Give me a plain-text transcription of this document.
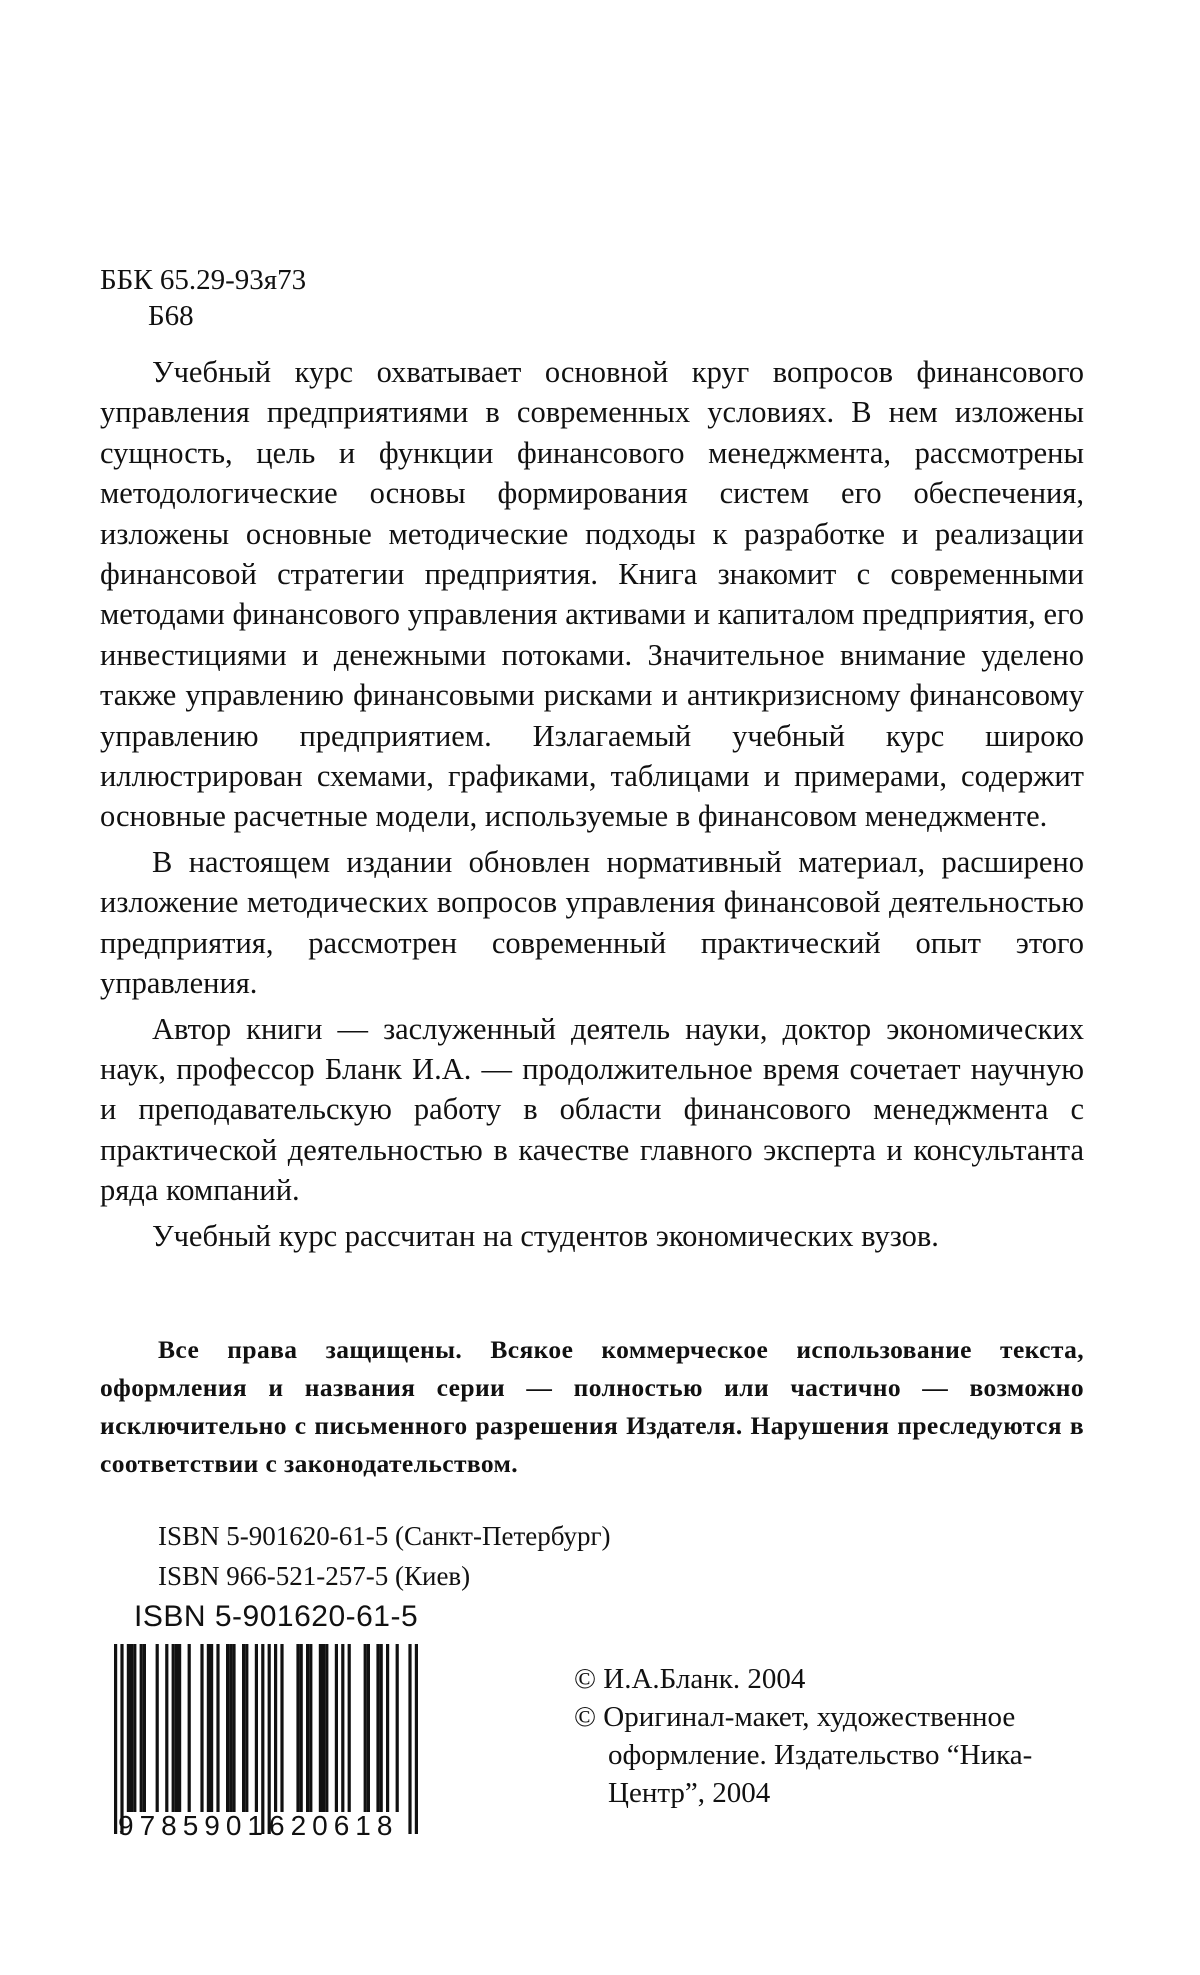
ББК 65.29-93я73
Б68

Учебный курс охватывает основной круг вопросов финансового управления предприятиями в современных условиях. В нем изложены сущность, цель и функции финансового менеджмента, рассмотрены методологические основы формирования систем его обеспечения, изложены основные методические подходы к разработке и реализации финансовой стратегии предприятия. Книга знакомит с современными методами финансового управления активами и капиталом предприятия, его инвестициями и денежными потоками. Значительное внимание уделено также управлению финансовыми рисками и антикризисному финансовому управлению предприятием. Излагаемый учебный курс широко иллюстрирован схемами, графиками, таблицами и примерами, содержит основные расчетные модели, используемые в финансовом менеджменте.

В настоящем издании обновлен нормативный материал, расширено изложение методических вопросов управления финансовой деятельностью предприятия, рассмотрен современный практический опыт этого управления.

Автор книги — заслуженный деятель науки, доктор экономических наук, профессор Бланк И.А. — продолжительное время сочетает научную и преподавательскую работу в области финансового менеджмента с практической деятельностью в качестве главного эксперта и консультанта ряда компаний.

Учебный курс рассчитан на студентов экономических вузов.

Все права защищены. Всякое коммерческое использование текста, оформления и названия серии — полностью или частично — возможно исключительно с письменного разрешения Издателя. Нарушения преследуются в соответствии с законодательством.
ISBN 5-901620-61-5 (Санкт-Петербург)
ISBN 966-521-257-5 (Киев)
ISBN 5-901620-61-5
9785901620618
© И.А.Бланк. 2004
© Оригинал-макет, художественное оформление. Издательство “Ника-Центр”, 2004
